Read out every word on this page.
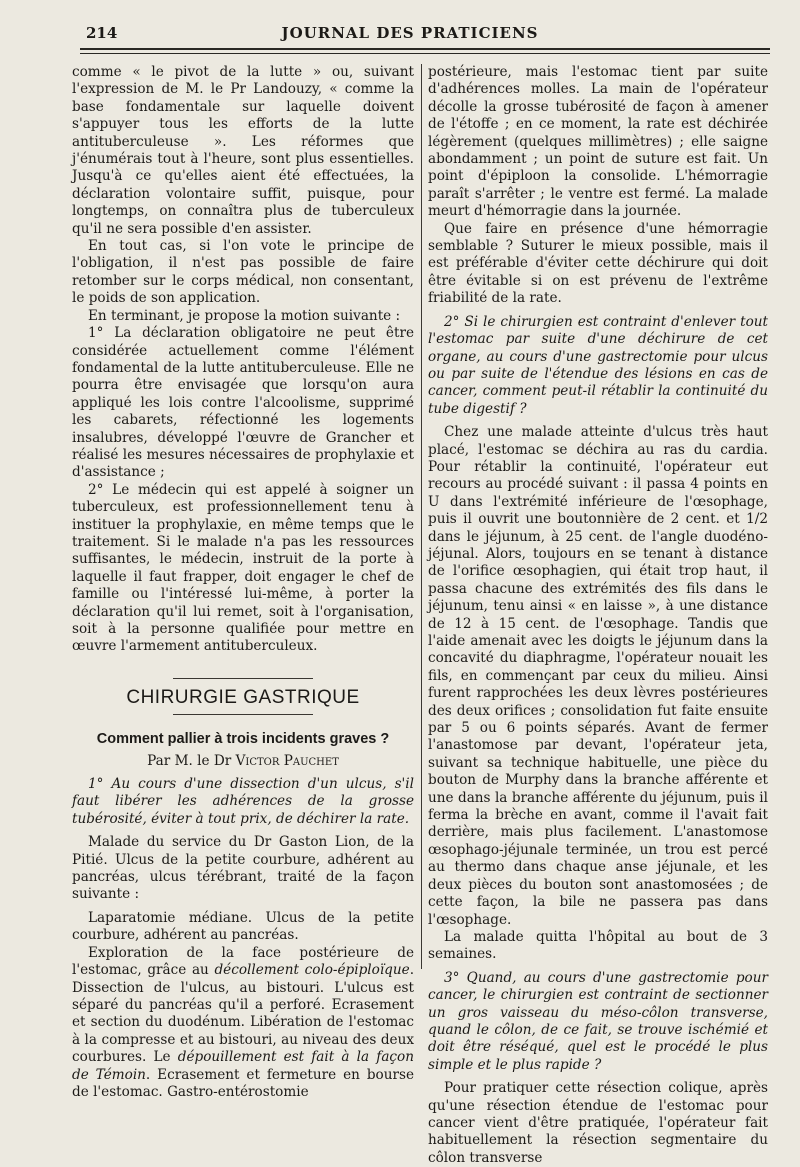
214	JOURNAL DES PRATICIENS

comme « le pivot de la lutte » ou, suivant l'expression de M. le Pr Landouzy, « comme la base fondamentale sur laquelle doivent s'appuyer tous les efforts de la lutte antituberculeuse ». Les réformes que j'énumérais tout à l'heure, sont plus essentielles. Jusqu'à ce qu'elles aient été effectuées, la déclaration volontaire suffit, puisque, pour longtemps, on connaîtra plus de tuberculeux qu'il ne sera possible d'en assister.

En tout cas, si l'on vote le principe de l'obligation, il n'est pas possible de faire retomber sur le corps médical, non consentant, le poids de son application.

En terminant, je propose la motion suivante :

1° La déclaration obligatoire ne peut être considérée actuellement comme l'élément fondamental de la lutte antituberculeuse. Elle ne pourra être envisagée que lorsqu'on aura appliqué les lois contre l'alcoolisme, supprimé les cabarets, réfectionné les logements insalubres, développé l'œuvre de Grancher et réalisé les mesures nécessaires de prophylaxie et d'assistance ;

2° Le médecin qui est appelé à soigner un tuberculeux, est professionnellement tenu à instituer la prophylaxie, en même temps que le traitement. Si le malade n'a pas les ressources suffisantes, le médecin, instruit de la porte à laquelle il faut frapper, doit engager le chef de famille ou l'intéressé lui-même, à porter la déclaration qu'il lui remet, soit à l'organisation, soit à la personne qualifiée pour mettre en œuvre l'armement antituberculeux.

CHIRURGIE GASTRIQUE
Comment pallier à trois incidents graves ?
Par M. le Dr Victor Pauchet

1° Au cours d'une dissection d'un ulcus, s'il faut libérer les adhérences de la grosse tubérosité, éviter à tout prix, de déchirer la rate.

Malade du service du Dr Gaston Lion, de la Pitié. Ulcus de la petite courbure, adhérent au pancréas, ulcus térébrant, traité de la façon suivante :

Laparatomie médiane. Ulcus de la petite courbure, adhérent au pancréas.

Exploration de la face postérieure de l'estomac, grâce au décollement colo-épiploïque. Dissection de l'ulcus, au bistouri. L'ulcus est séparé du pancréas qu'il a perforé. Ecrasement et section du duodénum. Libération de l'estomac à la compresse et au bistouri, au niveau des deux courbures. Le dépouillement est fait à la façon de Témoin. Ecrasement et fermeture en bourse de l'estomac. Gastro-entérostomie

postérieure, mais l'estomac tient par suite d'adhérences molles. La main de l'opérateur décolle la grosse tubérosité de façon à amener de l'étoffe ; en ce moment, la rate est déchirée légèrement (quelques millimètres) ; elle saigne abondamment ; un point de suture est fait. Un point d'épiploon la consolide. L'hémorragie paraît s'arrêter ; le ventre est fermé. La malade meurt d'hémorragie dans la journée.

Que faire en présence d'une hémorragie semblable ? Suturer le mieux possible, mais il est préférable d'éviter cette déchirure qui doit être évitable si on est prévenu de l'extrême friabilité de la rate.

2° Si le chirurgien est contraint d'enlever tout l'estomac par suite d'une déchirure de cet organe, au cours d'une gastrectomie pour ulcus ou par suite de l'étendue des lésions en cas de cancer, comment peut-il rétablir la continuité du tube digestif ?

Chez une malade atteinte d'ulcus très haut placé, l'estomac se déchira au ras du cardia. Pour rétablir la continuité, l'opérateur eut recours au procédé suivant : il passa 4 points en U dans l'extrémité inférieure de l'œsophage, puis il ouvrit une boutonnière de 2 cent. et 1/2 dans le jéjunum, à 25 cent. de l'angle duodéno-jéjunal. Alors, toujours en se tenant à distance de l'orifice œsophagien, qui était trop haut, il passa chacune des extrémités des fils dans le jéjunum, tenu ainsi « en laisse », à une distance de 12 à 15 cent. de l'œsophage. Tandis que l'aide amenait avec les doigts le jéjunum dans la concavité du diaphragme, l'opérateur nouait les fils, en commençant par ceux du milieu. Ainsi furent rapprochées les deux lèvres postérieures des deux orifices ; consolidation fut faite ensuite par 5 ou 6 points séparés. Avant de fermer l'anastomose par devant, l'opérateur jeta, suivant sa technique habituelle, une pièce du bouton de Murphy dans la branche afférente et une dans la branche afférente du jéjunum, puis il ferma la brèche en avant, comme il l'avait fait derrière, mais plus facilement. L'anastomose œsophago-jéjunale terminée, un trou est percé au thermo dans chaque anse jéjunale, et les deux pièces du bouton sont anastomosées ; de cette façon, la bile ne passera pas dans l'œsophage.

La malade quitta l'hôpital au bout de 3 semaines.

3° Quand, au cours d'une gastrectomie pour cancer, le chirurgien est contraint de sectionner un gros vaisseau du méso-côlon transverse, quand le côlon, de ce fait, se trouve ischémié et doit être réséqué, quel est le procédé le plus simple et le plus rapide ?

Pour pratiquer cette résection colique, après qu'une résection étendue de l'estomac pour cancer vient d'être pratiquée, l'opérateur fait habituellement la résection segmentaire du côlon transverse
